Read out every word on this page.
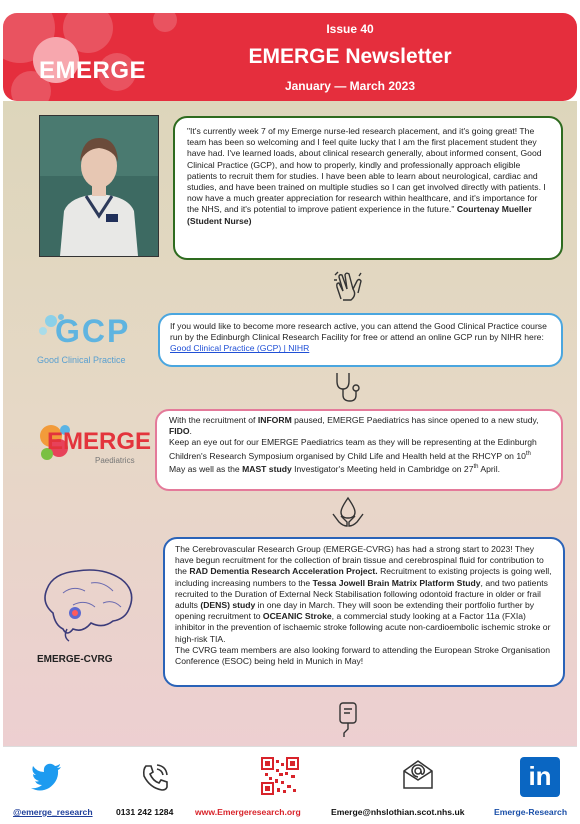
EMERGE
Issue 40
EMERGE Newsletter
January — March 2023

"It's currently week 7 of my Emerge nurse-led research placement, and it's going great! The team has been so welcoming and I feel quite lucky that I am the first placement student they have had. I've learned loads, about clinical research generally, about informed consent, Good Clinical Practice (GCP), and how to properly, kindly and professionally approach eligible patients to recruit them for studies. I have been able to learn about neurological, cardiac and studies, and have been trained on multiple studies so I can get involved directly with patients. I now have a much greater appreciation for research within healthcare, and it's importance for the NHS, and it's potential to improve patient experience in the future." Courtenay Mueller (Student Nurse)

GCP
Good Clinical Practice

If you would like to become more research active, you can attend the Good Clinical Practice course run by the Edinburgh Clinical Research Facility for free or attend an online GCP run by NIHR here: Good Clinical Practice (GCP) | NIHR

EMERGE
Paediatrics

With the recruitment of INFORM paused, EMERGE Paediatrics has since opened to a new study, FIDO.

Keep an eye out for our EMERGE Paediatrics team as they will be representing at the Edinburgh Children's Research Symposium organised by Child Life and Health held at the RHCYP on 10th May as well as the MAST study Investigator's Meeting held in Cambridge on 27th April.

EMERGE-CVRG

The Cerebrovascular Research Group (EMERGE-CVRG) has had a strong start to 2023! They have begun recruitment for the collection of brain tissue and cerebrospinal fluid for contribution to the RAD Dementia Research Acceleration Project. Recruitment to existing projects is going well, including increasing numbers to the Tessa Jowell Brain Matrix Platform Study, and two patients recruited to the Duration of External Neck Stabilisation following odontoid fracture in older or frail adults (DENS) study in one day in March. They will soon be extending their portfolio further by opening recruitment to OCEANIC Stroke, a commercial study looking at a Factor 11a (FXIa) inhibitor in the prevention of ischaemic stroke following acute non-cardioembolic ischemic stroke or high-risk TIA.

The CVRG team members are also looking forward to attending the European Stroke Organisation Conference (ESOC) being held in Munich in May!

in
@emerge_research	0131 242 1284	www.Emergeresearch.org	Emerge@nhslothian.scot.nhs.uk	Emerge-Research
